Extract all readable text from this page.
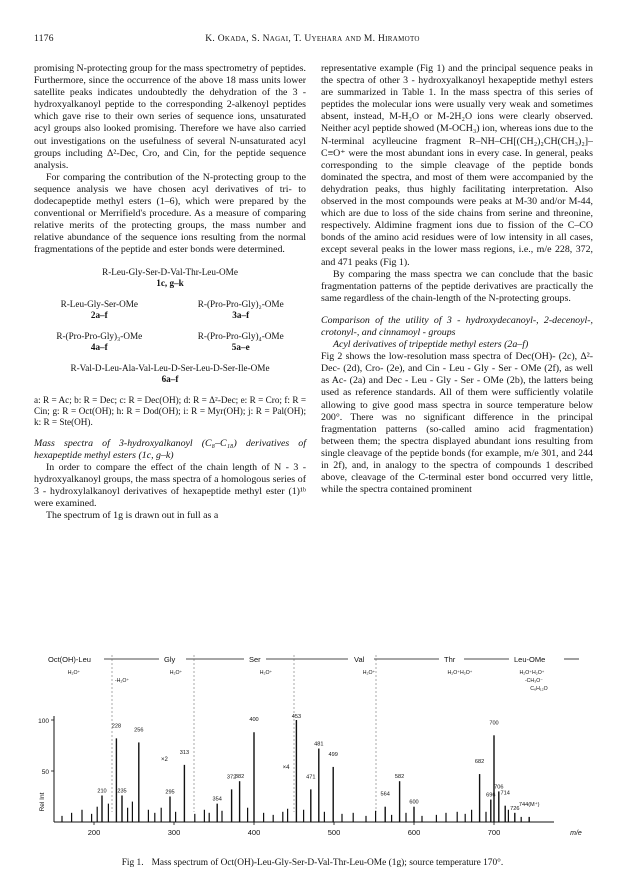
1176	K. Okada, S. Nagai, T. Uyehara and M. Hiramoto

promising N-protecting group for the mass spectrometry of peptides. Furthermore, since the occurrence of the above 18 mass units lower satellite peaks indicates undoubtedly the dehydration of the 3 - hydroxyalkanoyl peptide to the corresponding 2-alkenoyl peptides which gave rise to their own series of sequence ions, unsaturated acyl groups also looked promising. Therefore we have also carried out investigations on the usefulness of several N-unsaturated acyl groups including Δ²-Dec, Cro, and Cin, for the peptide sequence analysis.

For comparing the contribution of the N-protecting group to the sequence analysis we have chosen acyl derivatives of tri- to dodecapeptide methyl esters (1–6), which were prepared by the conventional or Merrifield's procedure. As a measure of comparing relative merits of the protecting groups, the mass number and relative abundance of the sequence ions resulting from the normal fragmentations of the peptide and ester bonds were determined.

R-Leu-Gly-Ser-D-Val-Thr-Leu-OMe
1c, g–k
R-Leu-Gly-Ser-OMe
2a–f
R-(Pro-Pro-Gly)₂-OMe
3a–f
R-(Pro-Pro-Gly)₃-OMe
4a–f
R-(Pro-Pro-Gly)₄-OMe
5a–e
R-Val-D-Leu-Ala-Val-Leu-D-Ser-Leu-D-Ser-Ile-OMe
6a–f
a: R = Ac; b: R = Dec; c: R = Dec(OH); d: R = Δ²-Dec; e: R = Cro; f: R = Cin; g: R = Oct(OH); h: R = Dod(OH); i: R = Myr(OH); j: R = Pal(OH); k: R = Ste(OH).

Mass spectra of 3-hydroxyalkanoyl (C₈–C₁₈) derivatives of hexapeptide methyl esters (1c, g–k)

In order to compare the effect of the chain length of N - 3 - hydroxyalkanoyl groups, the mass spectra of a homologous series of 3 - hydroxylalkanoyl derivatives of hexapeptide methyl ester (1)¹ᵇ were examined.

The spectrum of 1g is drawn out in full as a

representative example (Fig 1) and the principal sequence peaks in the spectra of other 3 - hydroxyalkanoyl hexapeptide methyl esters are summarized in Table 1. In the mass spectra of this series of peptides the molecular ions were usually very weak and sometimes absent, instead, M-H₂O or M-2H₂O ions were clearly observed. Neither acyl peptide showed (M-OCH₃) ion, whereas ions due to the N-terminal acylleucine fragment R–NH–CH[(CH₂)₂CH(CH₃)₂]–C≡O⁺ were the most abundant ions in every case. In general, peaks corresponding to the simple cleavage of the peptide bonds dominated the spectra, and most of them were accompanied by the dehydration peaks, thus highly facilitating interpretation. Also observed in the most compounds were peaks at M-30 and/or M-44, which are due to loss of the side chains from serine and threonine, respectively. Aldimine fragment ions due to fission of the C–CO bonds of the amino acid residues were of low intensity in all cases, except several peaks in the lower mass regions, i.e., m/e 228, 372, and 471 peaks (Fig 1).

By comparing the mass spectra we can conclude that the basic fragmentation patterns of the peptide derivatives are practically the same regardless of the chain-length of the N-protecting groups.

Comparison of the utility of 3 - hydroxydecanoyl-, 2-decenoyl-, crotonyl-, and cinnamoyl - groups

Acyl derivatives of tripeptide methyl esters (2a–f)

Fig 2 shows the low-resolution mass spectra of Dec(OH)- (2c), Δ²-Dec- (2d), Cro- (2e), and Cin - Leu - Gly - Ser - OMe (2f), as well as Ac- (2a) and Dec - Leu - Gly - Ser - OMe (2b), the latters being used as reference standards. All of them were sufficiently volatile allowing to give good mass spectra in source temperature below 200°. There was no significant difference in the principal fragmentation patterns (so-called amino acid fragmentation) between them; the spectra displayed abundant ions resulting from single cleavage of the peptide bonds (for example, m/e 301, and 244 in 2f), and, in analogy to the spectra of compounds 1 described above, cleavage of the C-terminal ester bond occurred very little, while the spectra contained prominent

Oct(OH)-Leu	Gly	Ser	Val	Thr	Leu-OMe
H₂O⁺
-H₂O⁺
H₂O⁺	H₂O⁺	H₂O⁺	H₂O⁺H₂O⁺	H₂O⁺H₂O⁺
-CH₃O⁻
C₆H₁₂O
200	300	400	500	600	700
100
50
Rel Int
m/e
210
228
235
256
295
313
354
372
382
400
453
471
481
499
582
564
600
682
696
700
706
714
726
744(M⁺)
×2
×4
Fig 1. Mass spectrum of Oct(OH)-Leu-Gly-Ser-D-Val-Thr-Leu-OMe (1g); source temperature 170°.
